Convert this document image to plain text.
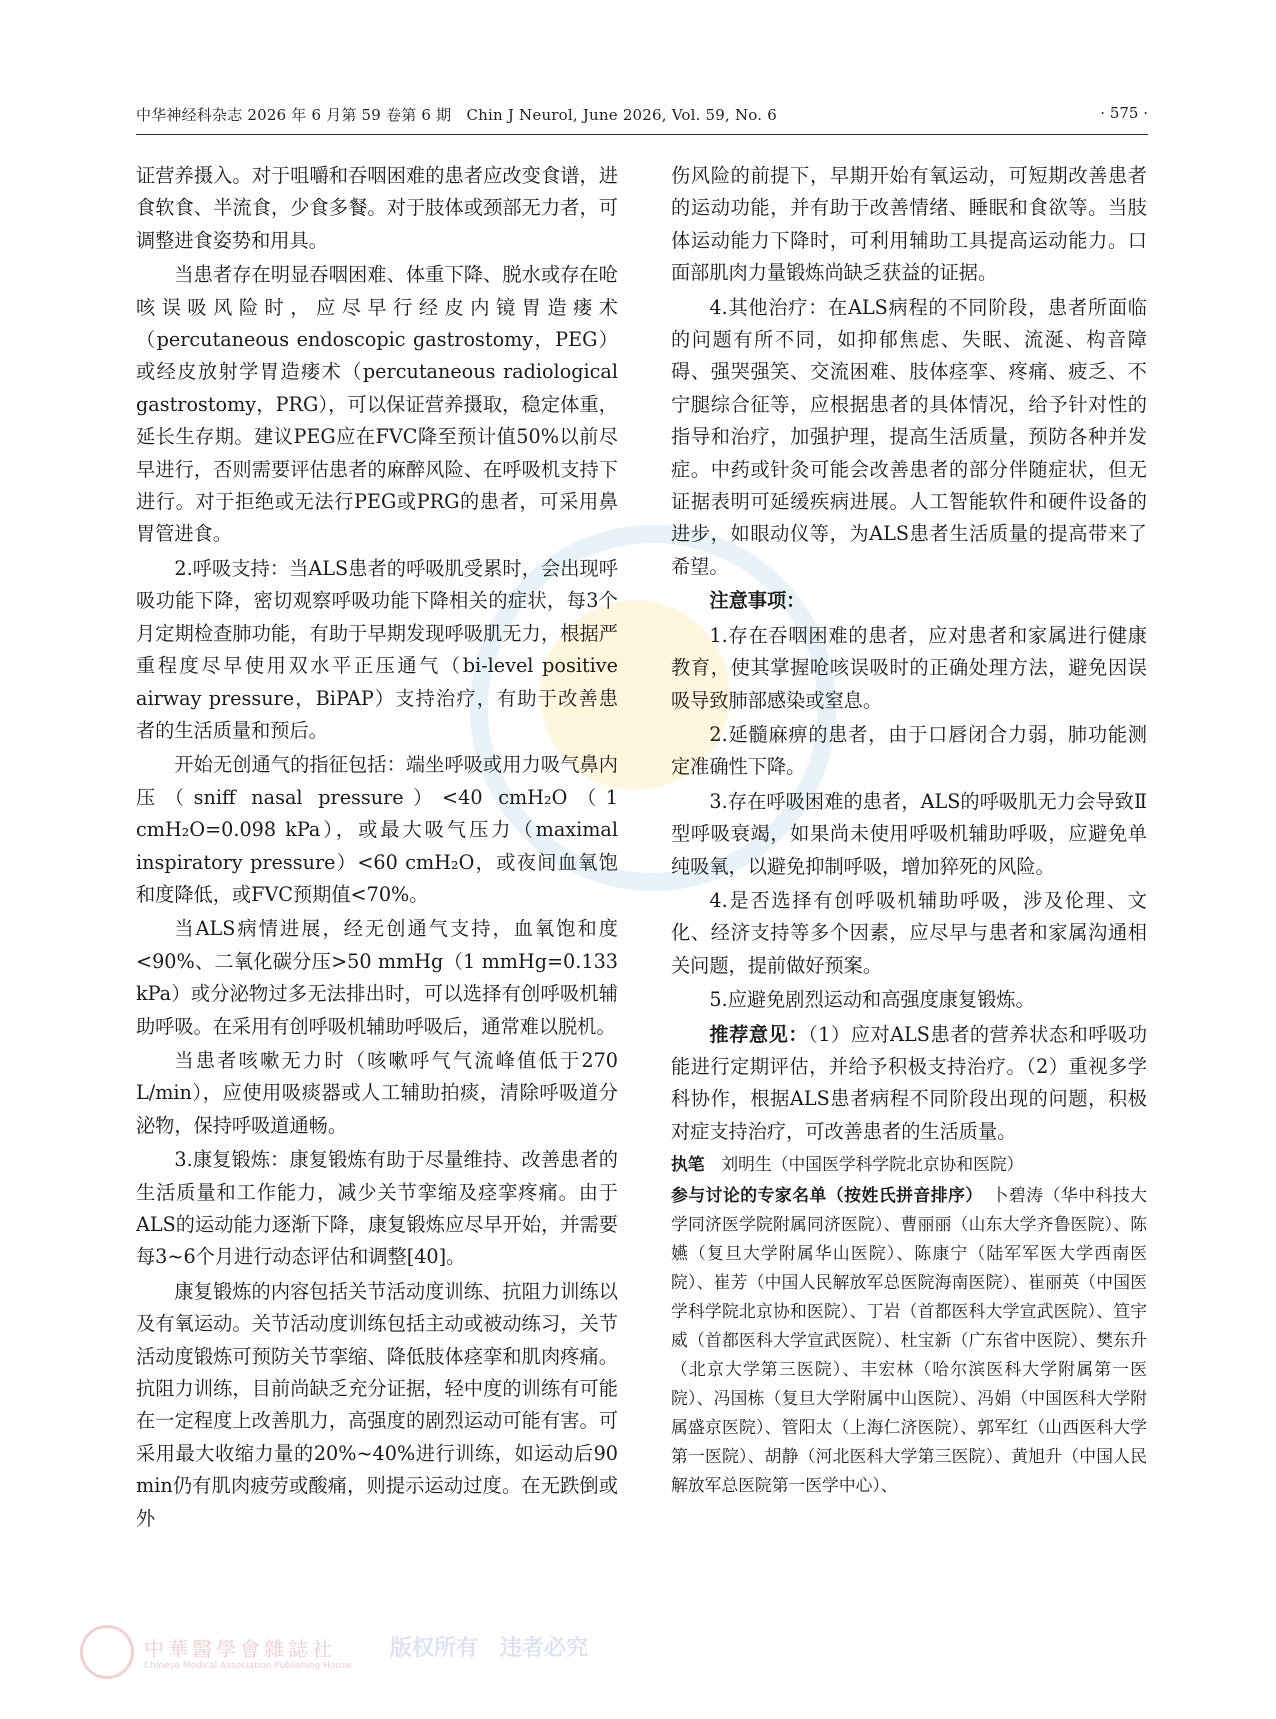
中华神经科杂志 2026 年 6 月第 59 卷第 6 期　Chin J Neurol, June 2026, Vol. 59, No. 6	· 575 ·

证营养摄入。对于咀嚼和吞咽困难的患者应改变食谱，进食软食、半流食，少食多餐。对于肢体或颈部无力者，可调整进食姿势和用具。

当患者存在明显吞咽困难、体重下降、脱水或存在呛咳误吸风险时，应尽早行经皮内镜胃造瘘术（percutaneous endoscopic gastrostomy，PEG）或经皮放射学胃造瘘术（percutaneous radiological gastrostomy，PRG），可以保证营养摄取，稳定体重，延长生存期。建议PEG应在FVC降至预计值50%以前尽早进行，否则需要评估患者的麻醉风险、在呼吸机支持下进行。对于拒绝或无法行PEG或PRG的患者，可采用鼻胃管进食。

2.呼吸支持：当ALS患者的呼吸肌受累时，会出现呼吸功能下降，密切观察呼吸功能下降相关的症状，每3个月定期检查肺功能，有助于早期发现呼吸肌无力，根据严重程度尽早使用双水平正压通气（bi-level positive airway pressure，BiPAP）支持治疗，有助于改善患者的生活质量和预后。

开始无创通气的指征包括：端坐呼吸或用力吸气鼻内压（sniff nasal pressure）<40 cmH₂O（1 cmH₂O=0.098 kPa），或最大吸气压力（maximal inspiratory pressure）<60 cmH₂O，或夜间血氧饱和度降低，或FVC预期值<70%。

当ALS病情进展，经无创通气支持，血氧饱和度<90%、二氧化碳分压>50 mmHg（1 mmHg=0.133 kPa）或分泌物过多无法排出时，可以选择有创呼吸机辅助呼吸。在采用有创呼吸机辅助呼吸后，通常难以脱机。

当患者咳嗽无力时（咳嗽呼气气流峰值低于270 L/min），应使用吸痰器或人工辅助拍痰，清除呼吸道分泌物，保持呼吸道通畅。

3.康复锻炼：康复锻炼有助于尽量维持、改善患者的生活质量和工作能力，减少关节挛缩及痉挛疼痛。由于ALS的运动能力逐渐下降，康复锻炼应尽早开始，并需要每3~6个月进行动态评估和调整[40]。

康复锻炼的内容包括关节活动度训练、抗阻力训练以及有氧运动。关节活动度训练包括主动或被动练习，关节活动度锻炼可预防关节挛缩、降低肢体痉挛和肌肉疼痛。抗阻力训练，目前尚缺乏充分证据，轻中度的训练有可能在一定程度上改善肌力，高强度的剧烈运动可能有害。可采用最大收缩力量的20%~40%进行训练，如运动后90 min仍有肌肉疲劳或酸痛，则提示运动过度。在无跌倒或外

伤风险的前提下，早期开始有氧运动，可短期改善患者的运动功能，并有助于改善情绪、睡眠和食欲等。当肢体运动能力下降时，可利用辅助工具提高运动能力。口面部肌肉力量锻炼尚缺乏获益的证据。

4.其他治疗：在ALS病程的不同阶段，患者所面临的问题有所不同，如抑郁焦虑、失眠、流涎、构音障碍、强哭强笑、交流困难、肢体痉挛、疼痛、疲乏、不宁腿综合征等，应根据患者的具体情况，给予针对性的指导和治疗，加强护理，提高生活质量，预防各种并发症。中药或针灸可能会改善患者的部分伴随症状，但无证据表明可延缓疾病进展。人工智能软件和硬件设备的进步，如眼动仪等，为ALS患者生活质量的提高带来了希望。

注意事项：

1.存在吞咽困难的患者，应对患者和家属进行健康教育，使其掌握呛咳误吸时的正确处理方法，避免因误吸导致肺部感染或窒息。

2.延髓麻痹的患者，由于口唇闭合力弱，肺功能测定准确性下降。

3.存在呼吸困难的患者，ALS的呼吸肌无力会导致Ⅱ型呼吸衰竭，如果尚未使用呼吸机辅助呼吸，应避免单纯吸氧，以避免抑制呼吸，增加猝死的风险。

4.是否选择有创呼吸机辅助呼吸，涉及伦理、文化、经济支持等多个因素，应尽早与患者和家属沟通相关问题，提前做好预案。

5.应避免剧烈运动和高强度康复锻炼。

推荐意见：（1）应对ALS患者的营养状态和呼吸功能进行定期评估，并给予积极支持治疗。（2）重视多学科协作，根据ALS患者病程不同阶段出现的问题，积极对症支持治疗，可改善患者的生活质量。

执笔　 刘明生（中国医学科学院北京协和医院）

参与讨论的专家名单（按姓氏拼音排序）　 卜碧涛（华中科技大学同济医学院附属同济医院）、曹丽丽（山东大学齐鲁医院）、陈嬿（复旦大学附属华山医院）、陈康宁（陆军军医大学西南医院）、崔芳（中国人民解放军总医院海南医院）、崔丽英（中国医学科学院北京协和医院）、丁岩（首都医科大学宣武医院）、笪宇威（首都医科大学宣武医院）、杜宝新（广东省中医院）、樊东升（北京大学第三医院）、丰宏林（哈尔滨医科大学附属第一医院）、冯国栋（复旦大学附属中山医院）、冯娟（中国医科大学附属盛京医院）、管阳太（上海仁济医院）、郭军红（山西医科大学第一医院）、胡静（河北医科大学第三医院）、黄旭升（中国人民解放军总医院第一医学中心）、

中華醫學會雜誌社
Chinese Medical Association Publishing House
版权所有 违者必究
